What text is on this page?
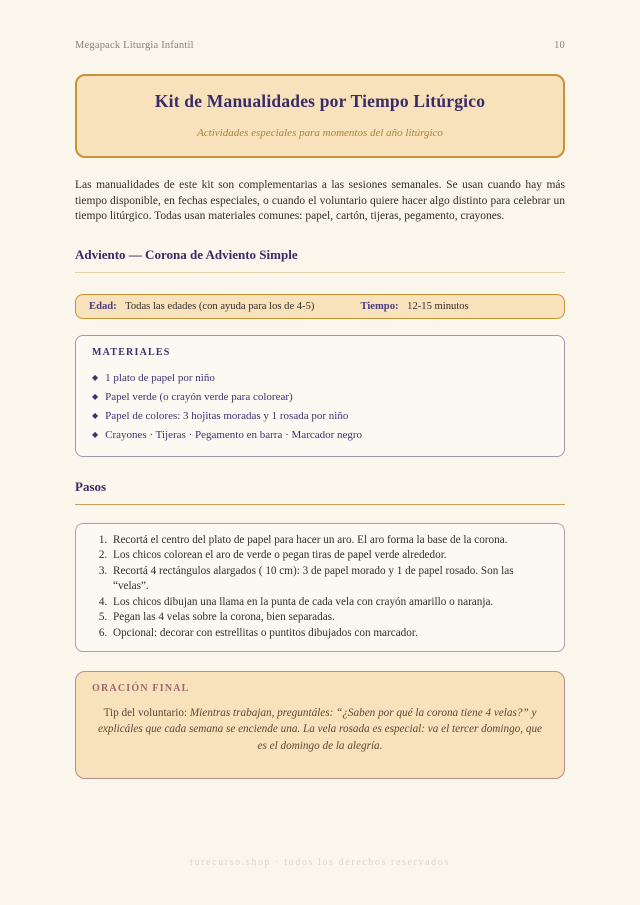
Megapack Liturgia Infantil	10
Kit de Manualidades por Tiempo Litúrgico
Actividades especiales para momentos del año litúrgico

Las manualidades de este kit son complementarias a las sesiones semanales. Se usan cuando hay más tiempo disponible, en fechas especiales, o cuando el voluntario quiere hacer algo distinto para celebrar un tiempo litúrgico. Todas usan materiales comunes: papel, cartón, tijeras, pegamento, crayones.

Adviento — Corona de Adviento Simple
Edad: Todas las edades (con ayuda para los de 4-5)	Tiempo: 12-15 minutos
MATERIALES
◆ 1 plato de papel por niño
◆ Papel verde (o crayón verde para colorear)
◆ Papel de colores: 3 hojitas moradas y 1 rosada por niño
◆ Crayones · Tijeras · Pegamento en barra · Marcador negro
Pasos
1. Recortá el centro del plato de papel para hacer un aro. El aro forma la base de la corona.
2. Los chicos colorean el aro de verde o pegan tiras de papel verde alrededor.
3. Recortá 4 rectángulos alargados ( 10 cm): 3 de papel morado y 1 de papel rosado. Son las “velas”.
4. Los chicos dibujan una llama en la punta de cada vela con crayón amarillo o naranja.
5. Pegan las 4 velas sobre la corona, bien separadas.
6. Opcional: decorar con estrellitas o puntitos dibujados con marcador.
ORACIÓN FINAL

Tip del voluntario: Mientras trabajan, preguntáles: “¿Saben por qué la corona tiene 4 velas?” y explicáles que cada semana se enciende una. La vela rosada es especial: va el tercer domingo, que es el domingo de la alegría.

turecurso.shop · todos los derechos reservados
